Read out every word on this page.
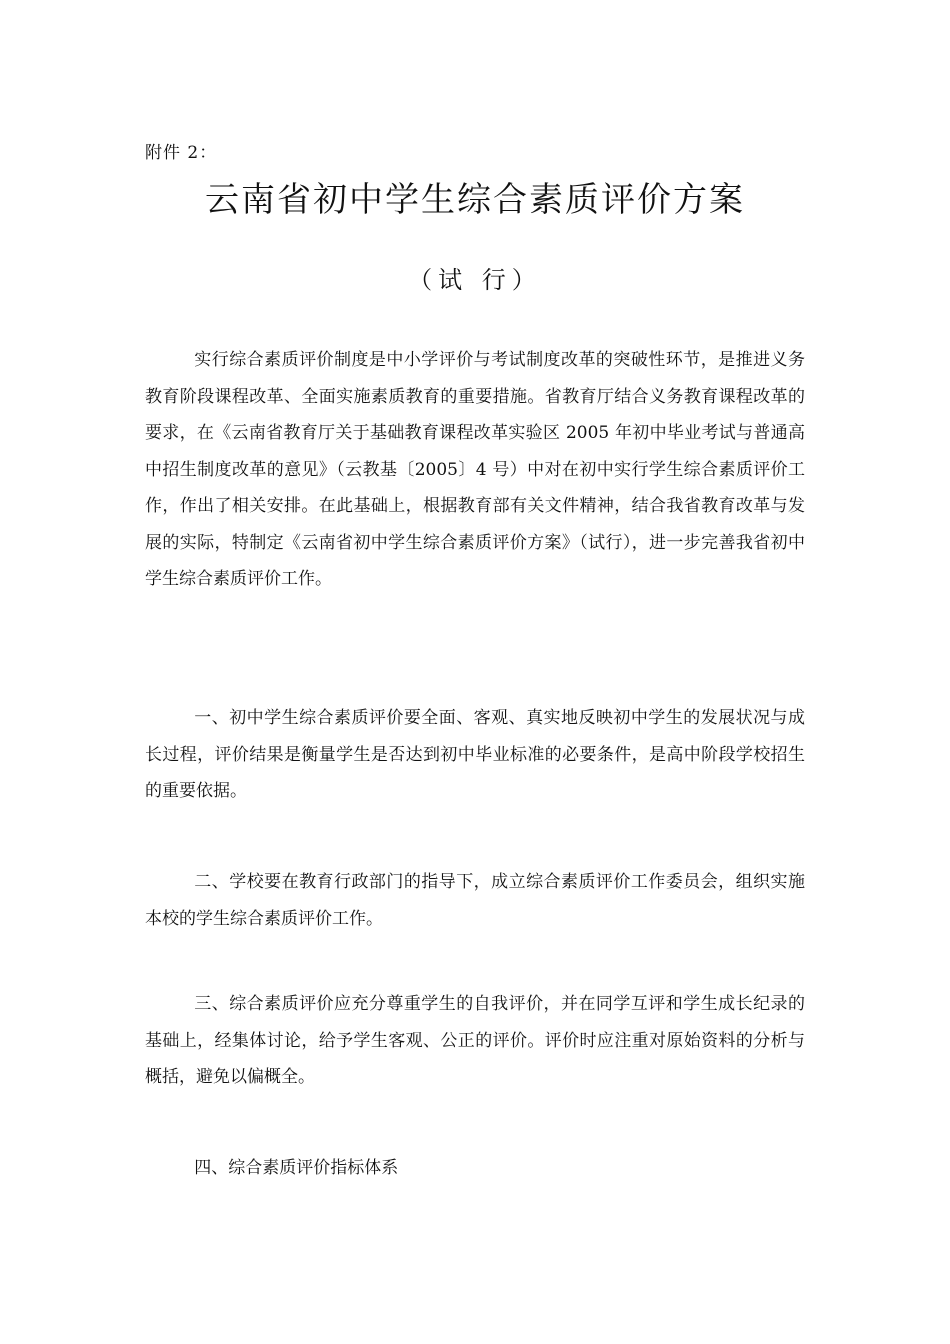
附件 2：
云南省初中学生综合素质评价方案
（试 行）

实行综合素质评价制度是中小学评价与考试制度改革的突破性环节，是推进义务教育阶段课程改革、全面实施素质教育的重要措施。省教育厅结合义务教育课程改革的要求，在《云南省教育厅关于基础教育课程改革实验区 2005 年初中毕业考试与普通高中招生制度改革的意见》（云教基〔2005〕4 号）中对在初中实行学生综合素质评价工作，作出了相关安排。在此基础上，根据教育部有关文件精神，结合我省教育改革与发展的实际，特制定《云南省初中学生综合素质评价方案》（试行），进一步完善我省初中学生综合素质评价工作。

一、初中学生综合素质评价要全面、客观、真实地反映初中学生的发展状况与成长过程，评价结果是衡量学生是否达到初中毕业标准的必要条件，是高中阶段学校招生的重要依据。

二、学校要在教育行政部门的指导下，成立综合素质评价工作委员会，组织实施本校的学生综合素质评价工作。

三、综合素质评价应充分尊重学生的自我评价，并在同学互评和学生成长纪录的基础上，经集体讨论，给予学生客观、公正的评价。评价时应注重对原始资料的分析与概括，避免以偏概全。

四、综合素质评价指标体系
